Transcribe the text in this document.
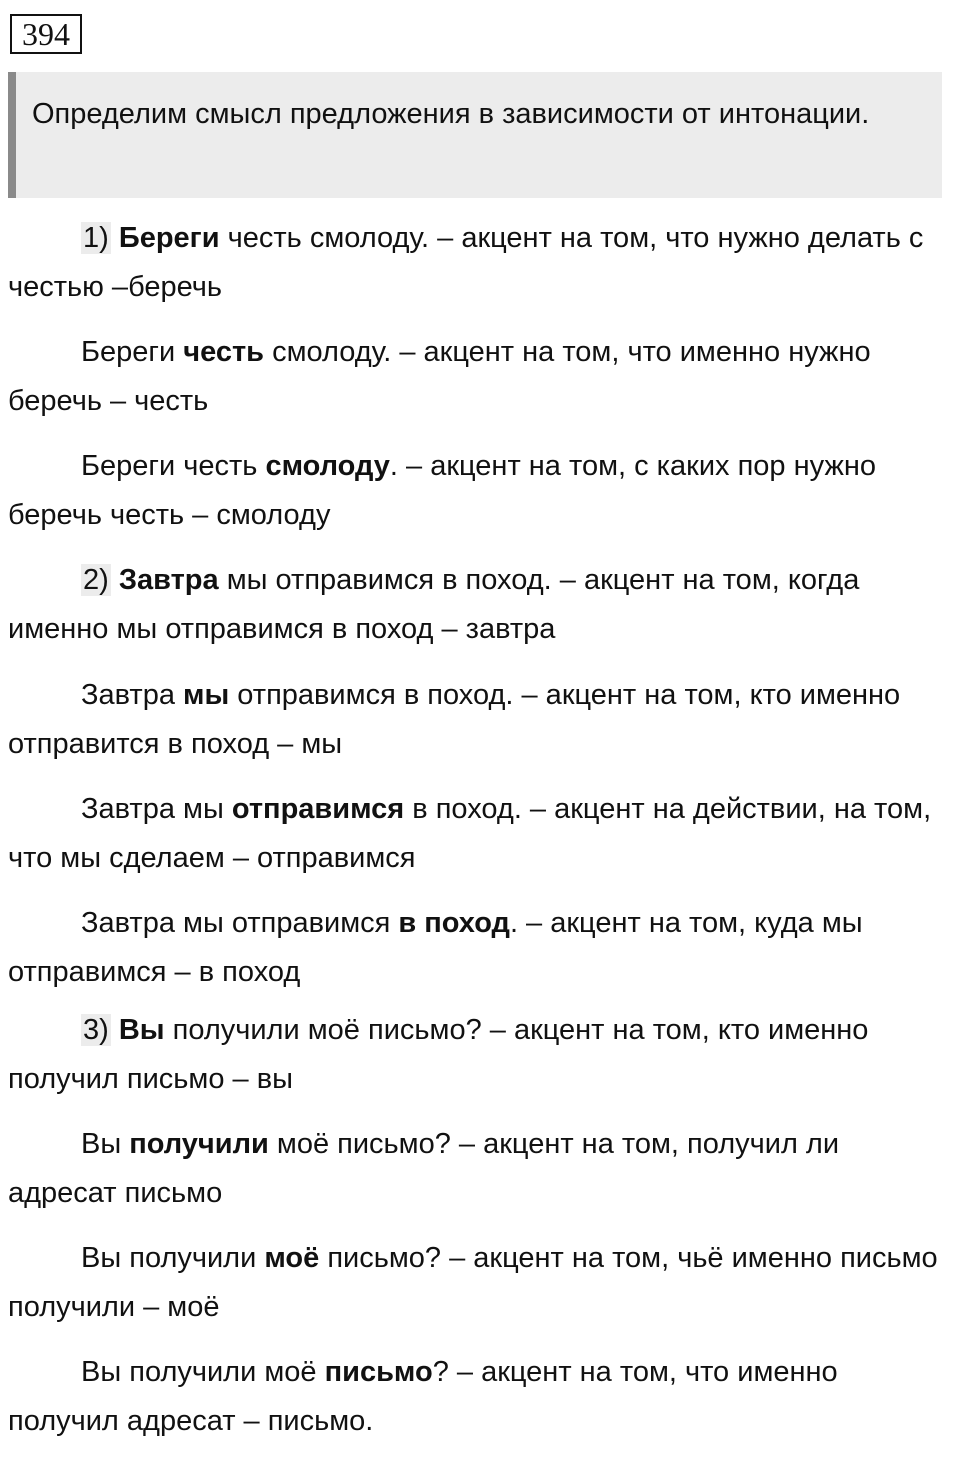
394
Определим смысл предложения в зависимости от интонации.
1) Береги честь смолоду. – акцент на том, что нужно делать с честью –беречь
Береги честь смолоду. – акцент на том, что именно нужно беречь – честь
Береги честь смолоду. – акцент на том, с каких пор нужно беречь честь – смолоду
2) Завтра мы отправимся в поход. – акцент на том, когда именно мы отправимся в поход – завтра
Завтра мы отправимся в поход. – акцент на том, кто именно отправится в поход – мы
Завтра мы отправимся в поход. – акцент на действии, на том, что мы сделаем – отправимся
Завтра мы отправимся в поход. – акцент на том, куда мы отправимся – в поход
3) Вы получили моё письмо? – акцент на том, кто именно получил письмо – вы
Вы получили моё письмо? – акцент на том, получил ли адресат письмо
Вы получили моё письмо? – акцент на том, чьё именно письмо получили – моё
Вы получили моё письмо? – акцент на том, что именно получил адресат – письмо.
